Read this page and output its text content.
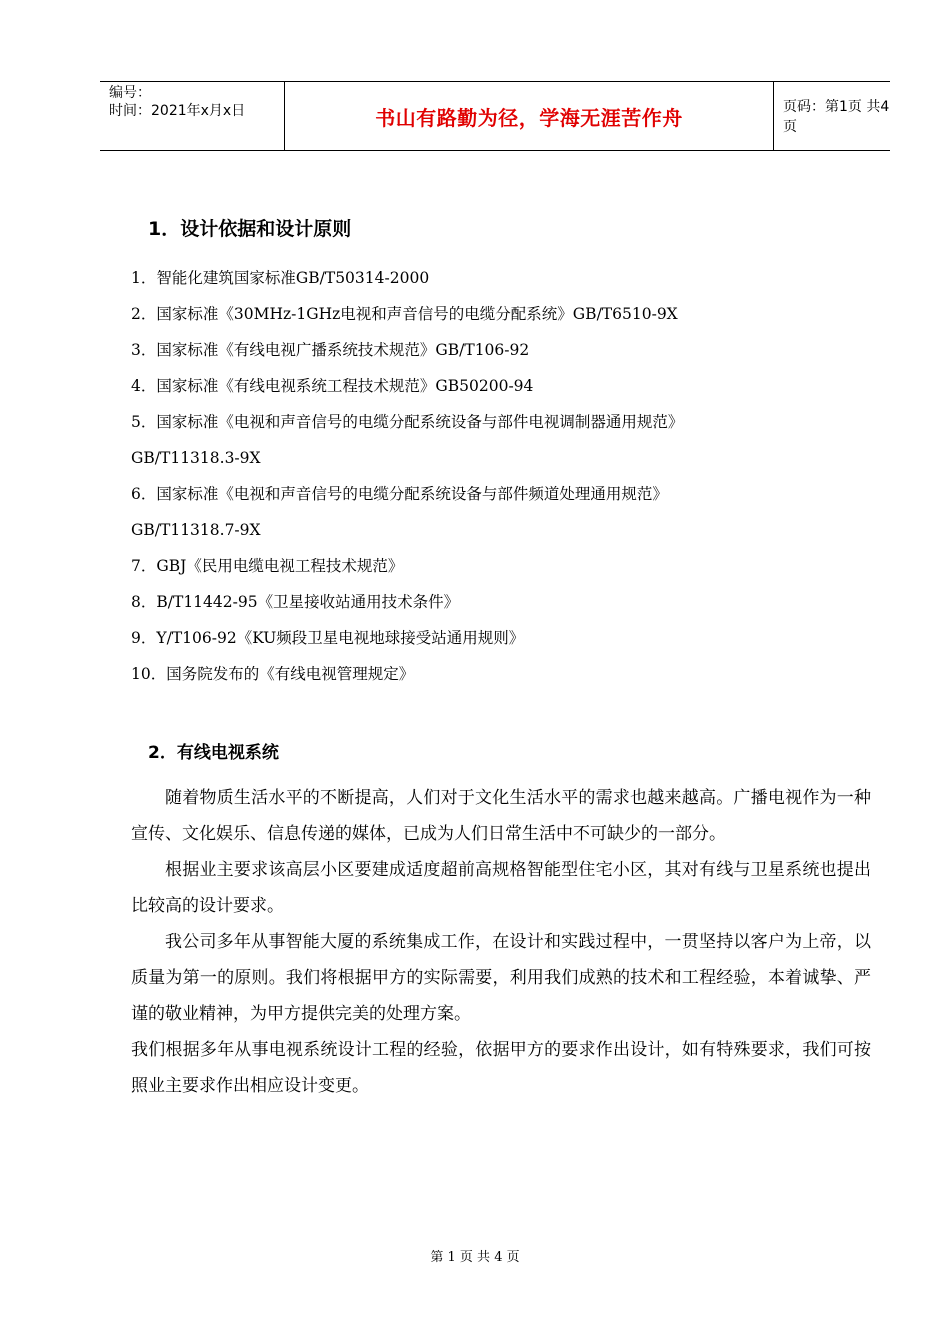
编号：
时间：2021年x月x日	书山有路勤为径，学海无涯苦作舟	页码：第1页 共4页
1．设计依据和设计原则
1．智能化建筑国家标准GB/T50314-2000
2．国家标准《30MHz-1GHz电视和声音信号的电缆分配系统》GB/T6510-9X
3．国家标准《有线电视广播系统技术规范》GB/T106-92
4．国家标准《有线电视系统工程技术规范》GB50200-94
5．国家标准《电视和声音信号的电缆分配系统设备与部件电视调制器通用规范》
GB/T11318.3-9X
6．国家标准《电视和声音信号的电缆分配系统设备与部件频道处理通用规范》
GB/T11318.7-9X
7．GBJ《民用电缆电视工程技术规范》
8．B/T11442-95《卫星接收站通用技术条件》
9．Y/T106-92《KU频段卫星电视地球接受站通用规则》
10．国务院发布的《有线电视管理规定》
2．有线电视系统

随着物质生活水平的不断提高，人们对于文化生活水平的需求也越来越高。广播电视作为一种宣传、文化娱乐、信息传递的媒体，已成为人们日常生活中不可缺少的一部分。

根据业主要求该高层小区要建成适度超前高规格智能型住宅小区，其对有线与卫星系统也提出比较高的设计要求。

我公司多年从事智能大厦的系统集成工作，在设计和实践过程中，一贯坚持以客户为上帝，以质量为第一的原则。我们将根据甲方的实际需要，利用我们成熟的技术和工程经验，本着诚挚、严谨的敬业精神，为甲方提供完美的处理方案。

我们根据多年从事电视系统设计工程的经验，依据甲方的要求作出设计，如有特殊要求，我们可按照业主要求作出相应设计变更。

第 1 页 共 4 页
